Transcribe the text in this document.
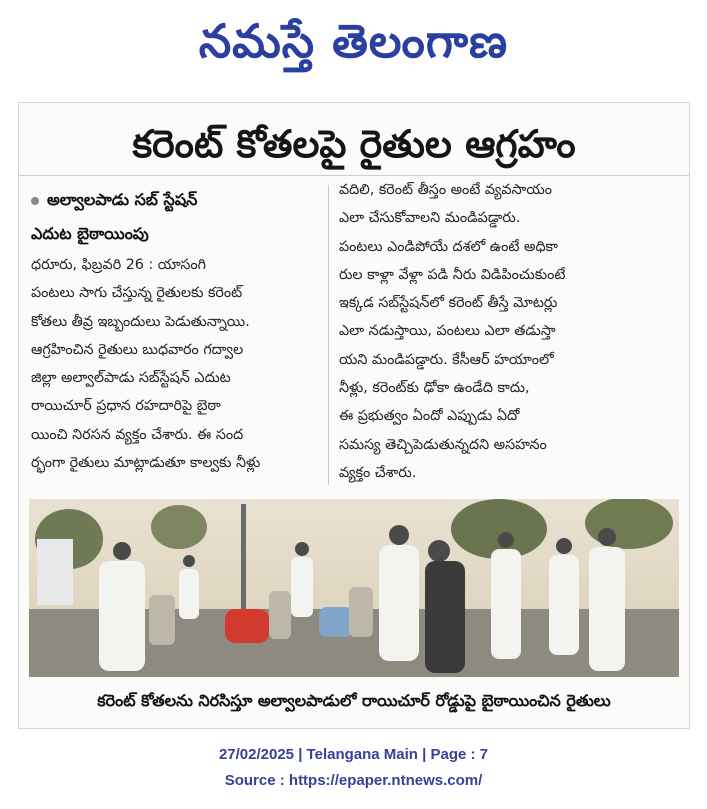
నమస్తే తెలంగాణ
కరెంట్ కోతలపై రైతుల ఆగ్రహం
అల్వాలపాడు సబ్ స్టేషన్
ఎదుట బైఠాయింపు
ధరూరు, ఫిబ్రవరి 26 : యాసంగి
పంటలు సాగు చేస్తున్న రైతులకు కరెంట్
కోతలు తీవ్ర ఇబ్బందులు పెడుతున్నాయి.
ఆగ్రహించిన రైతులు బుధవారం గద్వాల
జిల్లా అల్వాల్‌పాడు సబ్‌స్టేషన్ ఎదుట
రాయిచూర్ ప్రధాన రహదారిపై బైఠా
యించి నిరసన వ్యక్తం చేశారు. ఈ సంద
ర్భంగా రైతులు మాట్లాడుతూ కాల్వకు నీళ్లు
వదిలి, కరెంట్ తీస్తం అంటే వ్యవసాయం
ఎలా చేసుకోవాలని మండిపడ్డారు.
పంటలు ఎండిపోయే దశలో ఉంటే అధికా
రుల కాళ్లా వేళ్లా పడి నీరు విడిపించుకుంటే
ఇక్కడ సబ్‌స్టేషన్‌లో కరెంట్ తీస్తే మోటర్లు
ఎలా నడుస్తాయి, పంటలు ఎలా తడుస్తా
యని మండిపడ్డారు. కేసీఆర్ హయాంలో
నీళ్లు, కరెంట్‌కు ఢోకా ఉండేది కాదు,
ఈ ప్రభుత్వం ఏందో ఎప్పుడు ఏదో
సమస్య తెచ్చిపెడుతున్నదని అసహనం
వ్యక్తం చేశారు.
కరెంట్ కోతలను నిరసిస్తూ అల్వాలపాడులో రాయిచూర్ రోడ్డుపై బైఠాయించిన రైతులు
27/02/2025 | Telangana Main | Page : 7
Source : https://epaper.ntnews.com/
